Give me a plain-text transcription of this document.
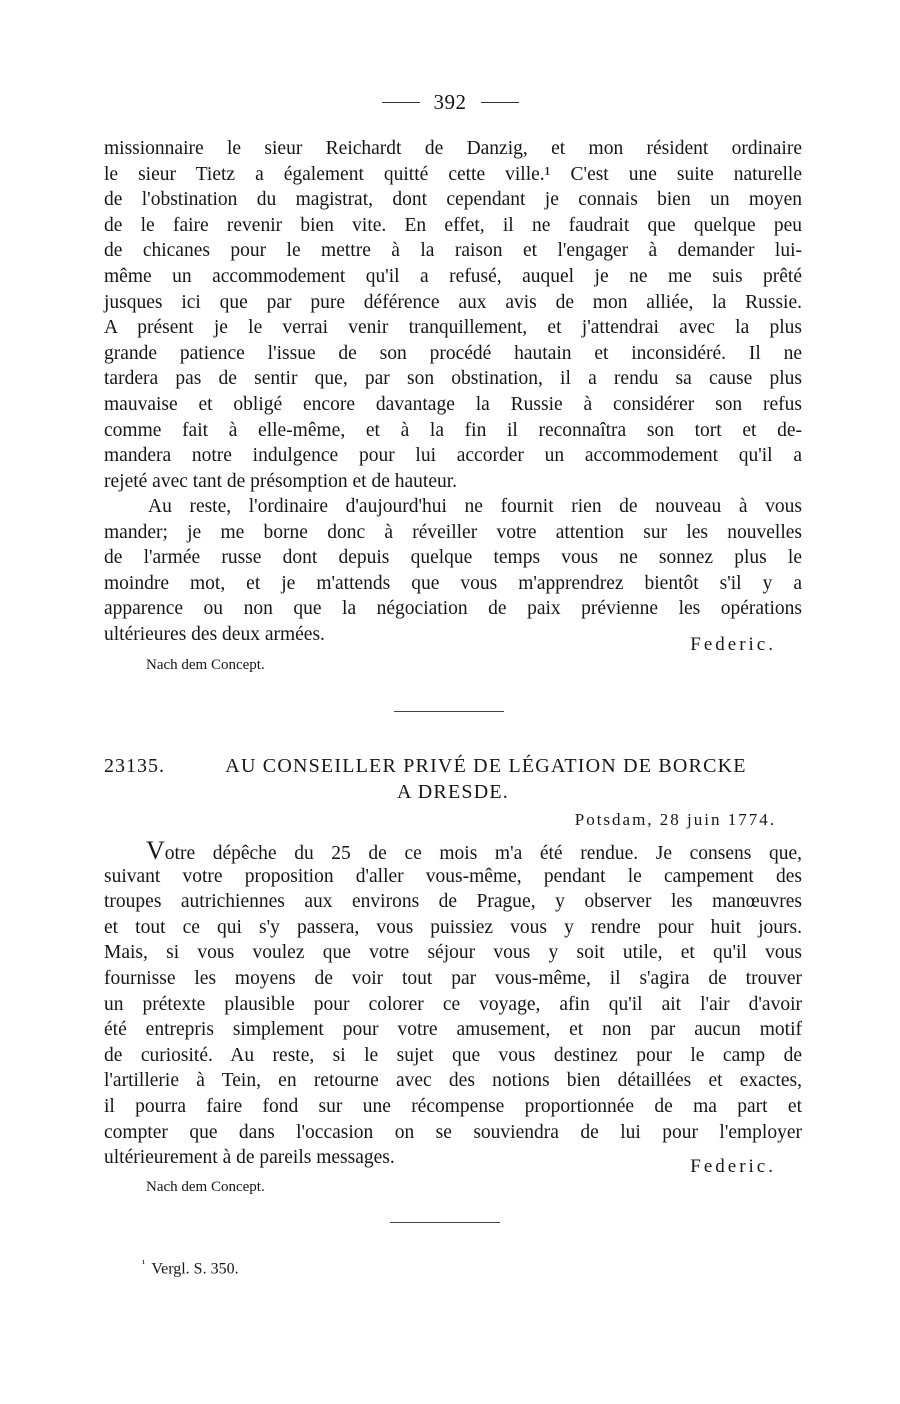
392
missionnaire le sieur Reichardt de Danzig, et mon résident ordinaire
le sieur Tietz a également quitté cette ville.¹ C'est une suite naturelle
de l'obstination du magistrat, dont cependant je connais bien un moyen
de le faire revenir bien vite. En effet, il ne faudrait que quelque peu
de chicanes pour le mettre à la raison et l'engager à demander lui-
même un accommodement qu'il a refusé, auquel je ne me suis prêté
jusques ici que par pure déférence aux avis de mon alliée, la Russie.
A présent je le verrai venir tranquillement, et j'attendrai avec la plus
grande patience l'issue de son procédé hautain et inconsidéré. Il ne
tardera pas de sentir que, par son obstination, il a rendu sa cause plus
mauvaise et obligé encore davantage la Russie à considérer son refus
comme fait à elle-même, et à la fin il reconnaîtra son tort et de-
mandera notre indulgence pour lui accorder un accommodement qu'il a
rejeté avec tant de présomption et de hauteur.
Au reste, l'ordinaire d'aujourd'hui ne fournit rien de nouveau à vous
mander; je me borne donc à réveiller votre attention sur les nouvelles
de l'armée russe dont depuis quelque temps vous ne sonnez plus le
moindre mot, et je m'attends que vous m'apprendrez bientôt s'il y a
apparence ou non que la négociation de paix prévienne les opérations
ultérieures des deux armées.
Nach dem Concept.
Federic.
23135.	AU CONSEILLER PRIVÉ DE LÉGATION DE BORCKE
A DRESDE.
Potsdam, 28 juin 1774.
Votre dépêche du 25 de ce mois m'a été rendue. Je consens que,
suivant votre proposition d'aller vous-même, pendant le campement des
troupes autrichiennes aux environs de Prague, y observer les manœuvres
et tout ce qui s'y passera, vous puissiez vous y rendre pour huit jours.
Mais, si vous voulez que votre séjour vous y soit utile, et qu'il vous
fournisse les moyens de voir tout par vous-même, il s'agira de trouver
un prétexte plausible pour colorer ce voyage, afin qu'il ait l'air d'avoir
été entrepris simplement pour votre amusement, et non par aucun motif
de curiosité. Au reste, si le sujet que vous destinez pour le camp de
l'artillerie à Tein, en retourne avec des notions bien détaillées et exactes,
il pourra faire fond sur une récompense proportionnée de ma part et
compter que dans l'occasion on se souviendra de lui pour l'employer
ultérieurement à de pareils messages.
Nach dem Concept.
Federic.
$^{^1}$ Vergl. S. 350.
